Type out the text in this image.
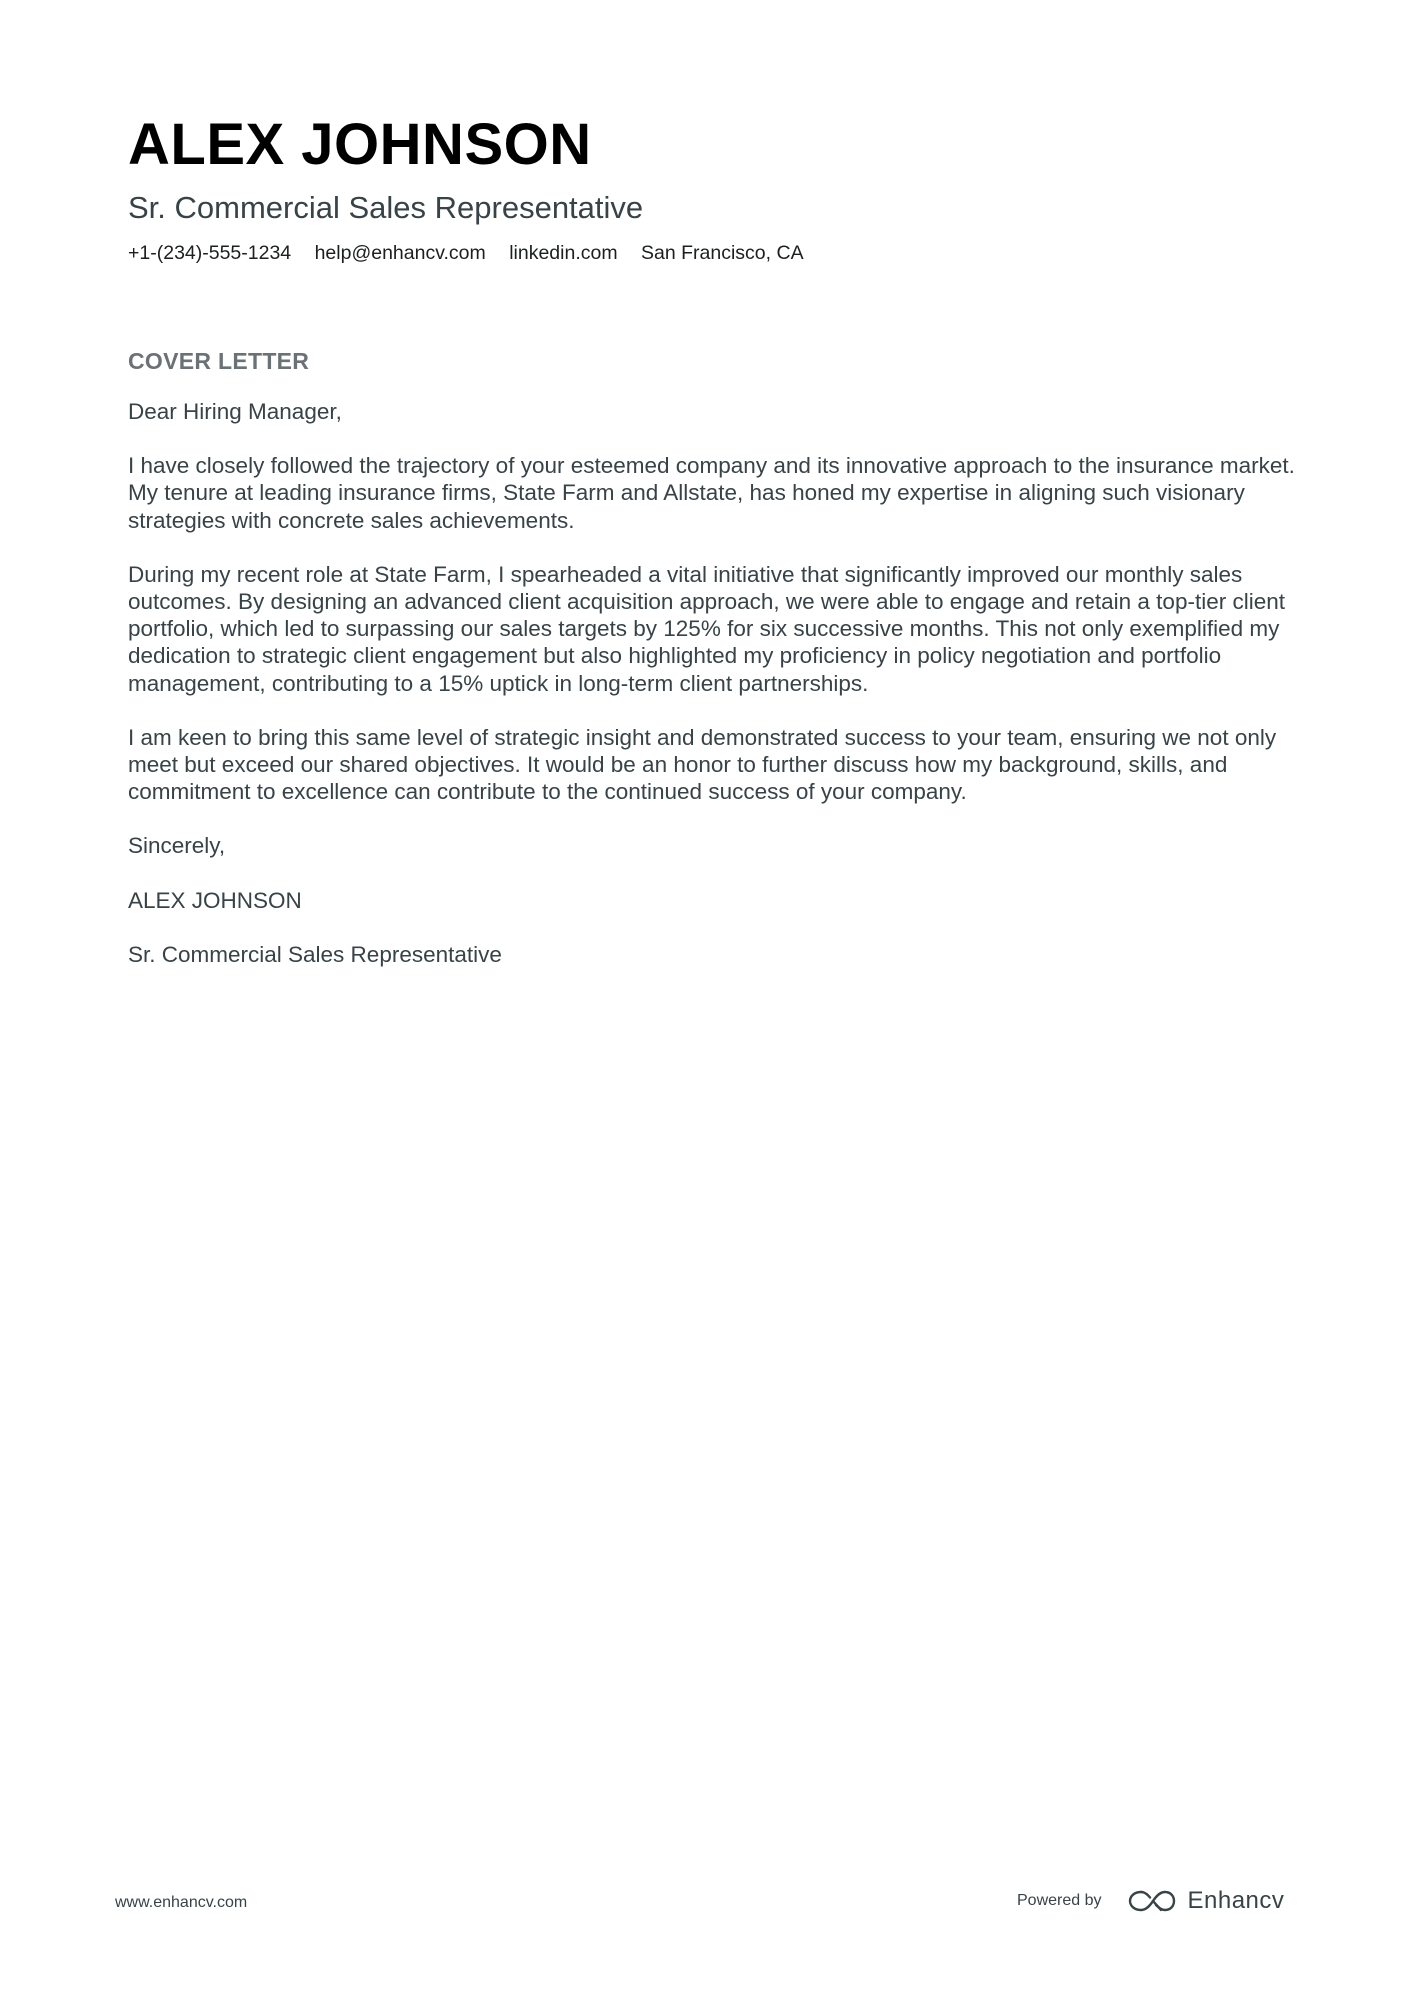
ALEX JOHNSON
Sr. Commercial Sales Representative
+1-(234)-555-1234 help@enhancv.com linkedin.com San Francisco, CA
COVER LETTER

Dear Hiring Manager,

I have closely followed the trajectory of your esteemed company and its innovative approach to the insurance market. My tenure at leading insurance firms, State Farm and Allstate, has honed my expertise in aligning such visionary strategies with concrete sales achievements.

During my recent role at State Farm, I spearheaded a vital initiative that significantly improved our monthly sales outcomes. By designing an advanced client acquisition approach, we were able to engage and retain a top-tier client portfolio, which led to surpassing our sales targets by 125% for six successive months. This not only exemplified my dedication to strategic client engagement but also highlighted my proficiency in policy negotiation and portfolio management, contributing to a 15% uptick in long-term client partnerships.

I am keen to bring this same level of strategic insight and demonstrated success to your team, ensuring we not only meet but exceed our shared objectives. It would be an honor to further discuss how my background, skills, and commitment to excellence can contribute to the continued success of your company.

Sincerely,

ALEX JOHNSON

Sr. Commercial Sales Representative

www.enhancv.com	Powered by	Enhancv
